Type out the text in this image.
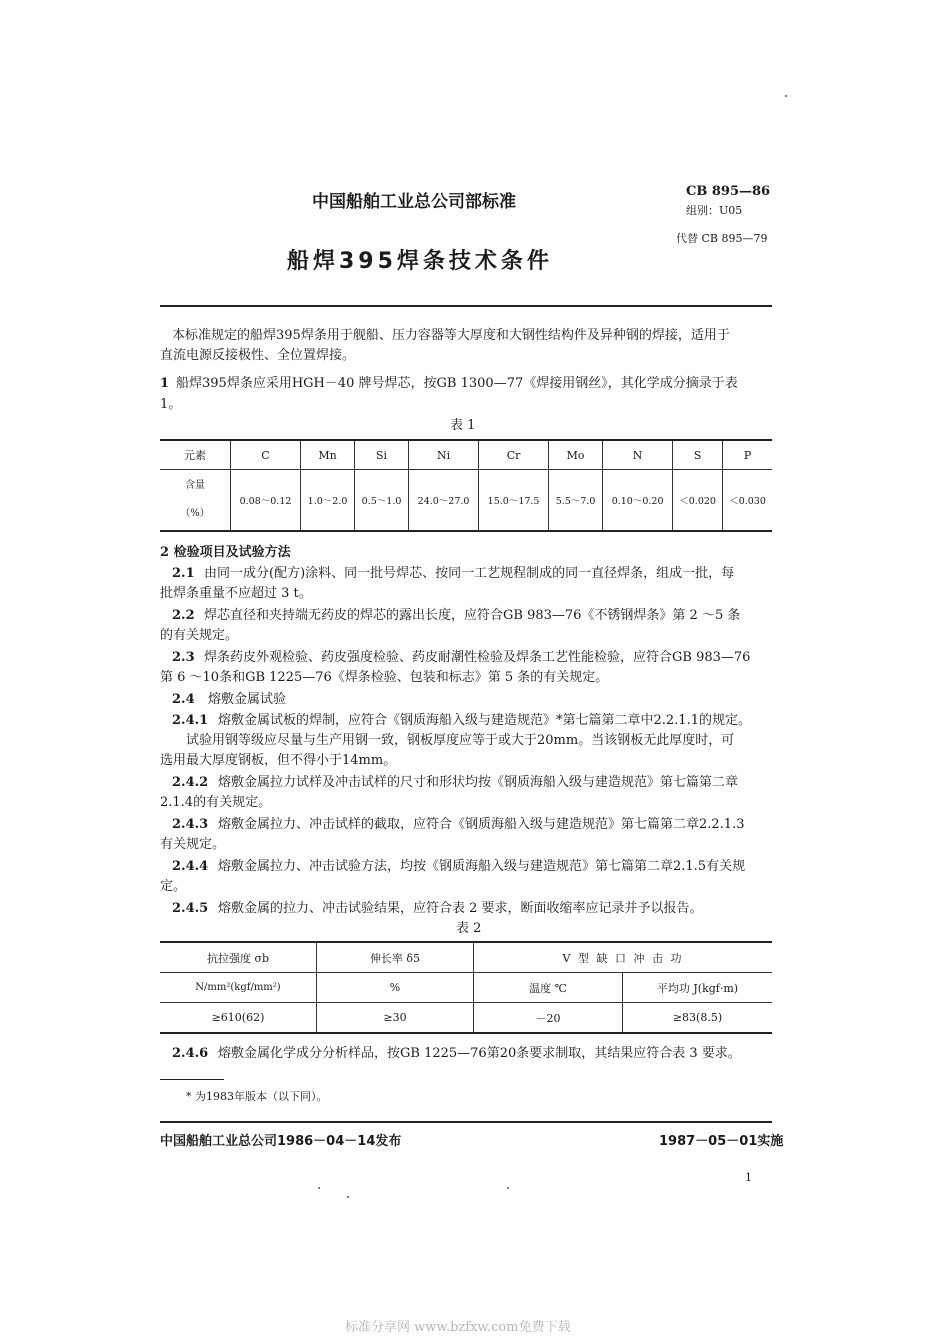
中国船舶工业总公司部标准
CB 895—86
组别：U05
代替 CB 895—79
船焊395焊条技术条件
本标准规定的船焊395焊条用于舰船、压力容器等大厚度和大钢性结构件及异种钢的焊接，适用于
直流电源反接极性、全位置焊接。
1 船焊395焊条应采用HGH－40 牌号焊芯，按GB 1300—77《焊接用钢丝》，其化学成分摘录于表
1。
表 1
元素	C	Mn	Si	Ni	Cr	Mo	N	S	P

含量
（%）	0.08～0.12	1.0～2.0	0.5～1.0	24.0～27.0	15.0～17.5	5.5～7.0	0.10～0.20	＜0.020	＜0.030
2 检验项目及试验方法
2.1 由同一成分(配方)涂料、同一批号焊芯、按同一工艺规程制成的同一直径焊条，组成一批，每
批焊条重量不应超过 3 t。
2.2 焊芯直径和夹持端无药皮的焊芯的露出长度，应符合GB 983—76《不锈钢焊条》第 2 ～5 条
的有关规定。
2.3 焊条药皮外观检验、药皮强度检验、药皮耐潮性检验及焊条工艺性能检验，应符合GB 983—76
第 6 ～10条和GB 1225—76《焊条检验、包装和标志》第 5 条的有关规定。
2.4 熔敷金属试验
2.4.1 熔敷金属试板的焊制，应符合《钢质海船入级与建造规范》*第七篇第二章中2.2.1.1的规定。
试验用钢等级应尽量与生产用钢一致，钢板厚度应等于或大于20mm。当该钢板无此厚度时，可
选用最大厚度钢板，但不得小于14mm。
2.4.2 熔敷金属拉力试样及冲击试样的尺寸和形状均按《钢质海船入级与建造规范》第七篇第二章
2.1.4的有关规定。
2.4.3 熔敷金属拉力、冲击试样的截取，应符合《钢质海船入级与建造规范》第七篇第二章2.2.1.3
有关规定。
2.4.4 熔敷金属拉力、冲击试验方法，均按《钢质海船入级与建造规范》第七篇第二章2.1.5有关规
定。
2.4.5 熔敷金属的拉力、冲击试验结果，应符合表 2 要求，断面收缩率应记录并予以报告。
表 2
抗拉强度 σb	伸长率 δ5	V 型 缺 口 冲 击 功	
N/mm²(kgf/mm²)	%	温度 ℃	平均功 J(kgf·m)
≥610(62)	≥30	－20	≥83(8.5)
2.4.6 熔敷金属化学成分分析样品，按GB 1225—76第20条要求制取，其结果应符合表 3 要求。
* 为1983年版本（以下同）。
中国船舶工业总公司1986－04－14发布	1987－05－01实施
1
标准分享网 www.bzfxw.com免费下载
